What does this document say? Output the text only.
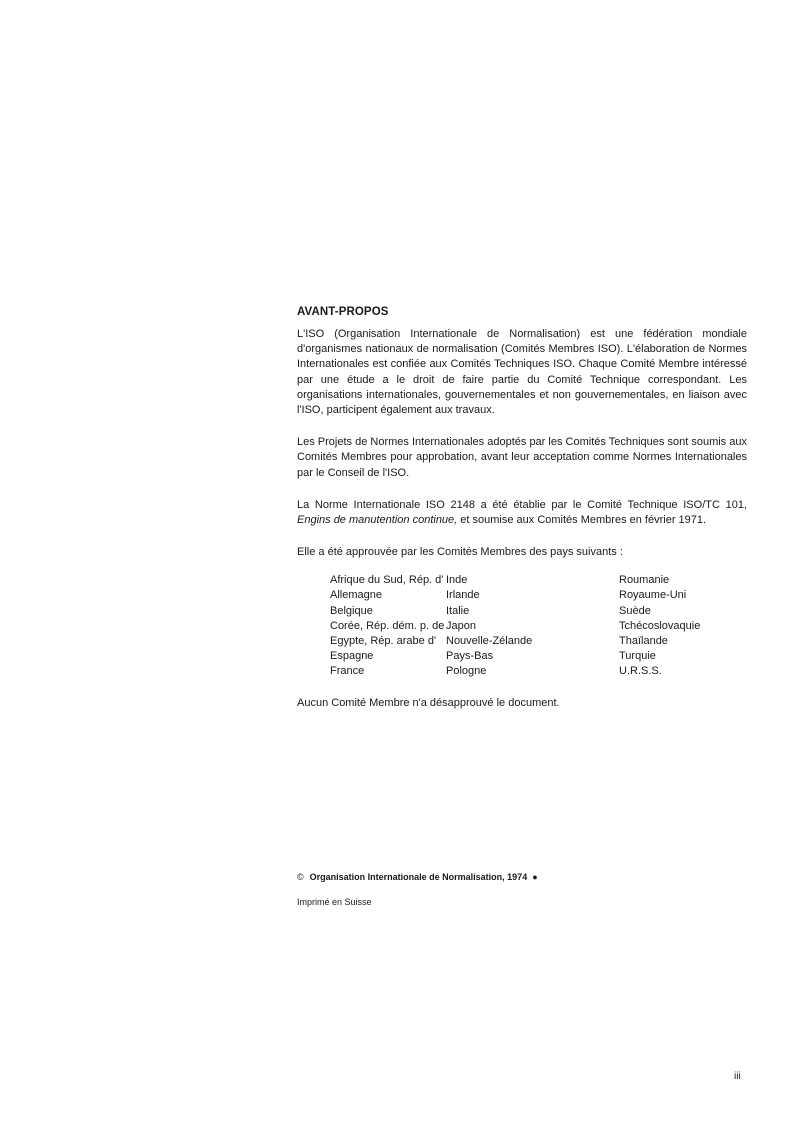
AVANT-PROPOS

L'ISO (Organisation Internationale de Normalisation) est une fédération mondiale d'organismes nationaux de normalisation (Comités Membres ISO). L'élaboration de Normes Internationales est confiée aux Comités Techniques ISO. Chaque Comité Membre intéressé par une étude a le droit de faire partie du Comité Technique correspondant. Les organisations internationales, gouvernementales et non gouvernementales, en liaison avec l'ISO, participent également aux travaux.

Les Projets de Normes Internationales adoptés par les Comités Techniques sont soumis aux Comités Membres pour approbation, avant leur acceptation comme Normes Internationales par le Conseil de l'ISO.

La Norme Internationale ISO 2148 a été établie par le Comité Technique ISO/TC 101, Engins de manutention continue, et soumise aux Comités Membres en février 1971.

Elle a été approuvée par les Comités Membres des pays suivants :

Afrique du Sud, Rép. d'
Allemagne
Belgique
Corée, Rép. dém. p. de
Egypte, Rép. arabe d'
Espagne
France
Inde
Irlande
Italie
Japon
Nouvelle-Zélande
Pays-Bas
Pologne
Roumanie
Royaume-Uni
Suède
Tchécoslovaquie
Thaïlande
Turquie
U.R.S.S.

Aucun Comité Membre n'a désapprouvé le document.

© Organisation Internationale de Normalisation, 1974 ●
Imprimé en Suisse
iii
